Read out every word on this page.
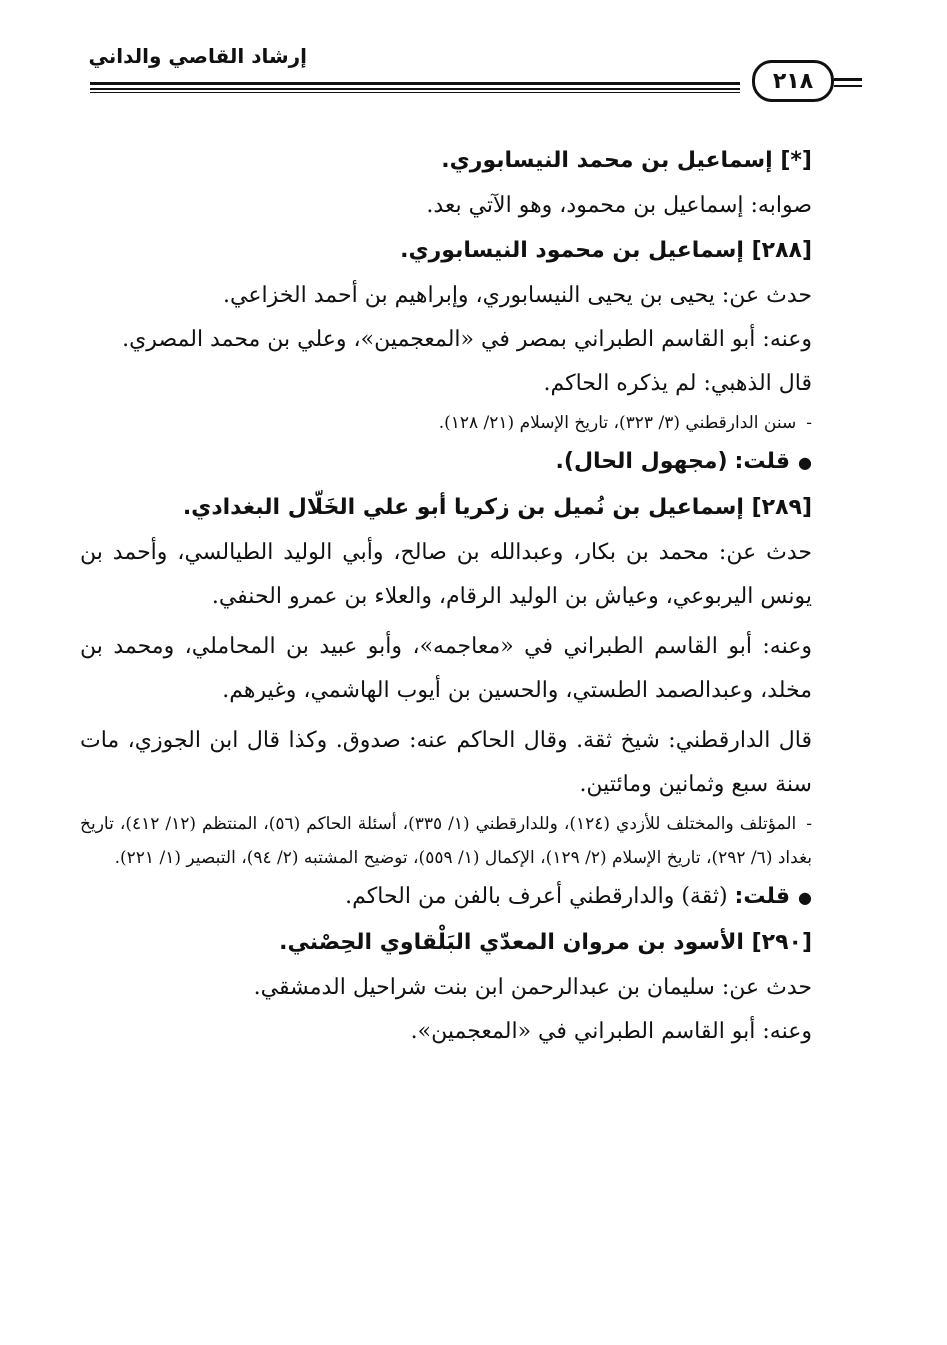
إرشاد القاصي والداني
٢١٨
[*] إسماعيل بن محمد النيسابوري.
صوابه: إسماعيل بن محمود، وهو الآتي بعد.
[٢٨٨] إسماعيل بن محمود النيسابوري.
حدث عن: يحيى بن يحيى النيسابوري، وإبراهيم بن أحمد الخزاعي.
وعنه: أبو القاسم الطبراني بمصر في «المعجمين»، وعلي بن محمد المصري.
قال الذهبي: لم يذكره الحاكم.
-سنن الدارقطني (٣/ ٣٢٣)، تاريخ الإسلام (٢١/ ١٢٨).
●قلت: (مجهول الحال).
[٢٨٩] إسماعيل بن نُميل بن زكريا أبو علي الخَلّال البغدادي.
حدث عن: محمد بن بكار، وعبدالله بن صالح، وأبي الوليد الطيالسي، وأحمد بن يونس اليربوعي، وعياش بن الوليد الرقام، والعلاء بن عمرو الحنفي.
وعنه: أبو القاسم الطبراني في «معاجمه»، وأبو عبيد بن المحاملي، ومحمد بن مخلد، وعبدالصمد الطستي، والحسين بن أيوب الهاشمي، وغيرهم.
قال الدارقطني: شيخ ثقة. وقال الحاكم عنه: صدوق. وكذا قال ابن الجوزي، مات سنة سبع وثمانين ومائتين.
-المؤتلف والمختلف للأزدي (١٢٤)، وللدارقطني (١/ ٣٣٥)، أسئلة الحاكم (٥٦)، المنتظم (١٢/ ٤١٢)، تاريخ بغداد (٦/ ٢٩٢)، تاريخ الإسلام (٢/ ١٢٩)، الإكمال (١/ ٥٥٩)، توضيح المشتبه (٢/ ٩٤)، التبصير (١/ ٢٢١).
●قلت: (ثقة) والدارقطني أعرف بالفن من الحاكم.
[٢٩٠] الأسود بن مروان المعدّي البَلْقاوي الحِصْني.
حدث عن: سليمان بن عبدالرحمن ابن بنت شراحيل الدمشقي.
وعنه: أبو القاسم الطبراني في «المعجمين».
